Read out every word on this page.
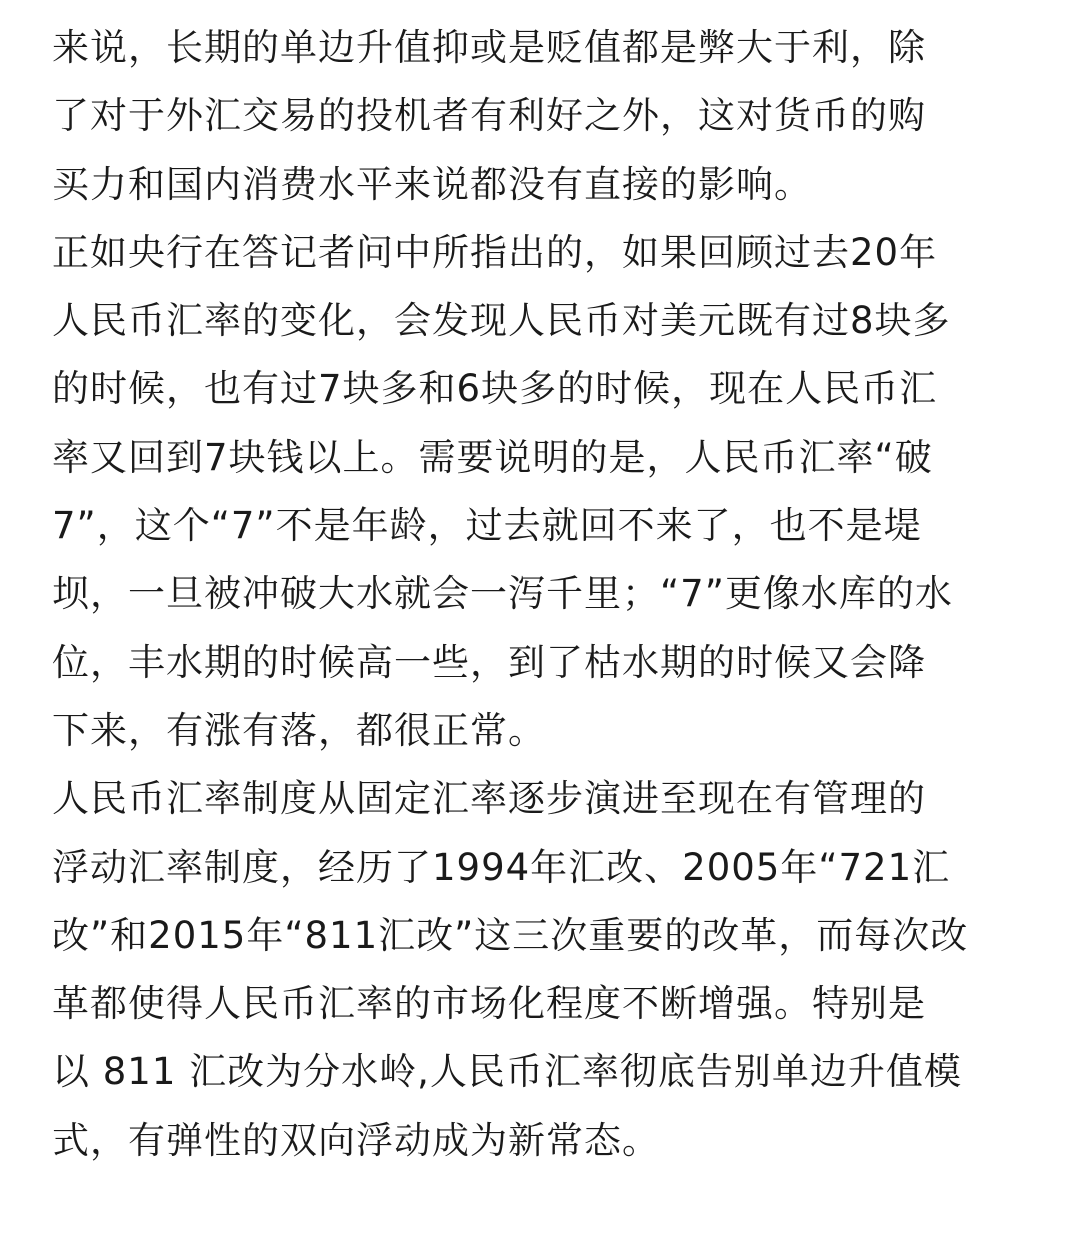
来说，长期的单边升值抑或是贬值都是弊大于利，除
了对于外汇交易的投机者有利好之外，这对货币的购
买力和国内消费水平来说都没有直接的影响。

正如央行在答记者问中所指出的，如果回顾过去20年
人民币汇率的变化，会发现人民币对美元既有过8块多
的时候，也有过7块多和6块多的时候，现在人民币汇
率又回到7块钱以上。需要说明的是，人民币汇率“破
7”，这个“7”不是年龄，过去就回不来了，也不是堤
坝，一旦被冲破大水就会一泻千里；“7”更像水库的水
位，丰水期的时候高一些，到了枯水期的时候又会降
下来，有涨有落，都很正常。

人民币汇率制度从固定汇率逐步演进至现在有管理的
浮动汇率制度，经历了1994年汇改、2005年“721汇
改”和2015年“811汇改”这三次重要的改革，而每次改
革都使得人民币汇率的市场化程度不断增强。特别是
以 811 汇改为分水岭,人民币汇率彻底告别单边升值模
式，有弹性的双向浮动成为新常态。
